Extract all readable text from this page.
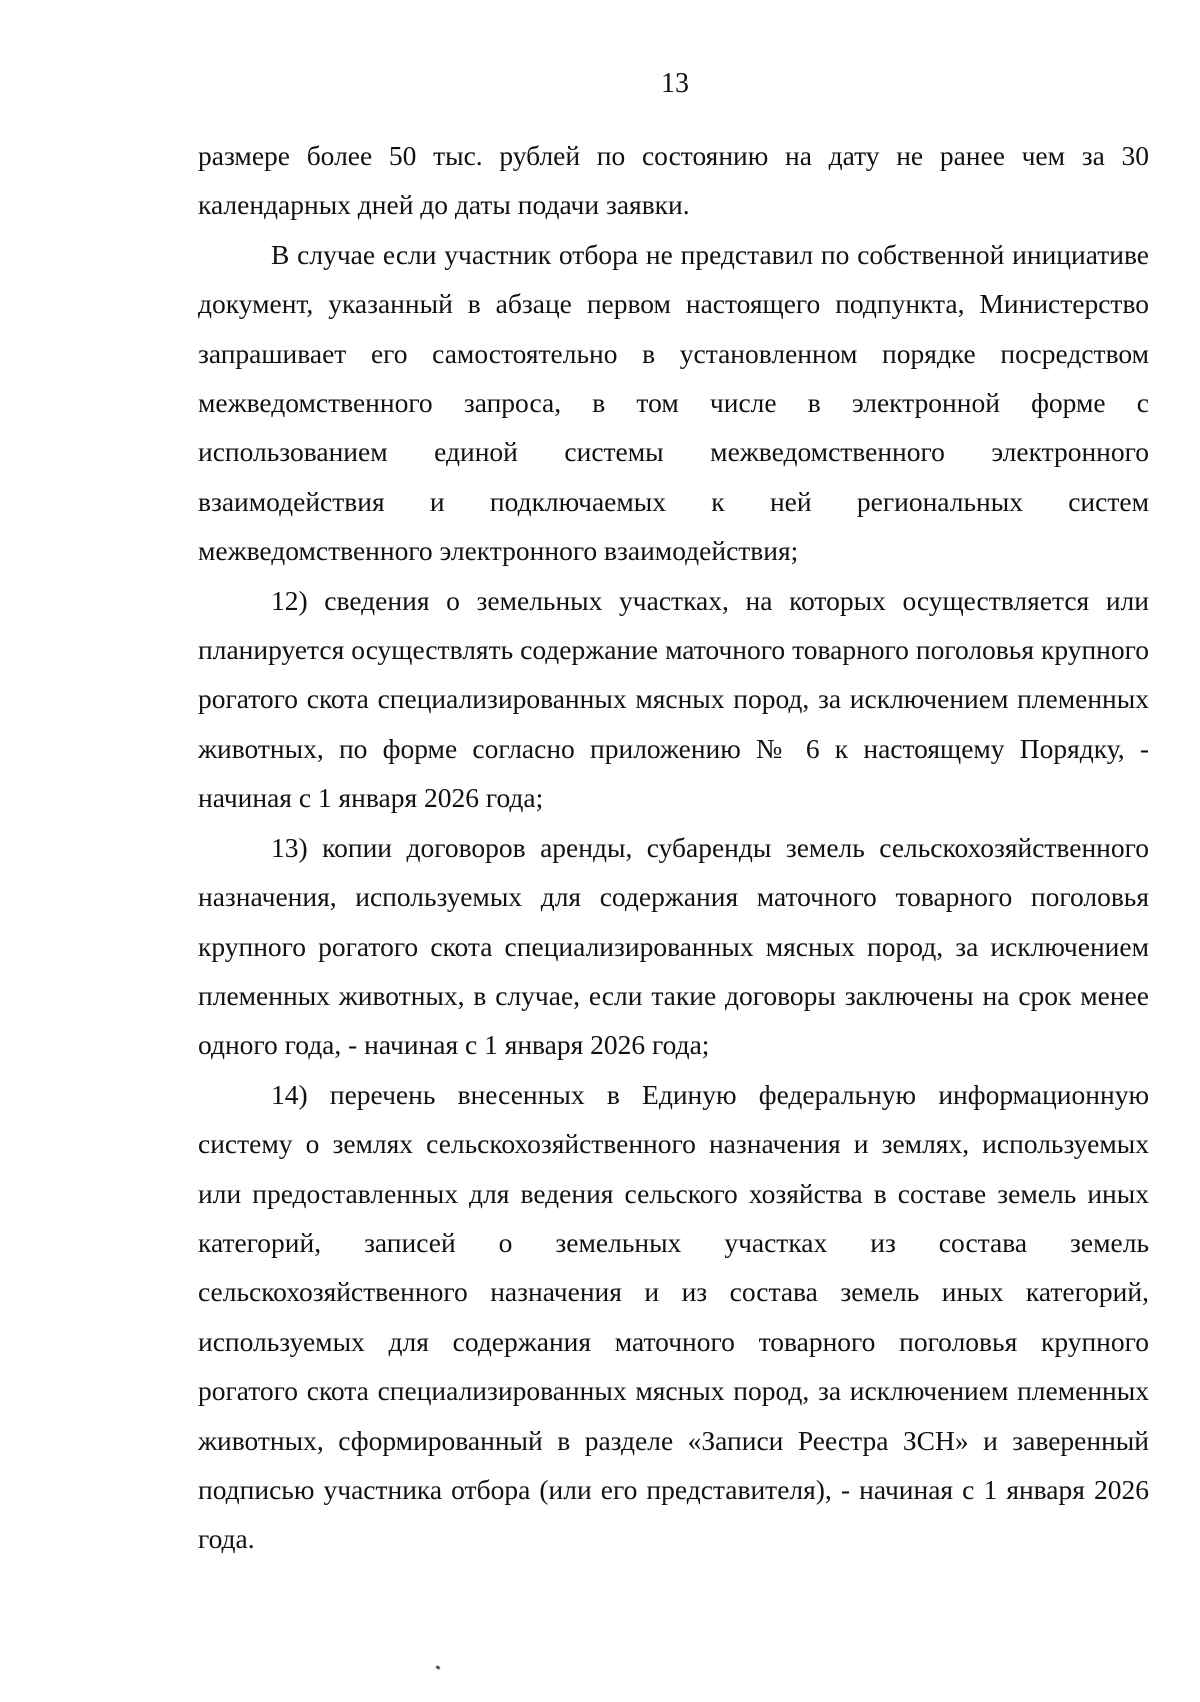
13

размере более 50 тыс. рублей по состоянию на дату не ранее чем за 30 календарных дней до даты подачи заявки.

В случае если участник отбора не представил по собственной инициативе документ, указанный в абзаце первом настоящего подпункта, Министерство запрашивает его самостоятельно в установленном порядке посредством межведомственного запроса, в том числе в электронной форме с использованием единой системы межведомственного электронного взаимодействия и подключаемых к ней региональных систем межведомственного электронного взаимодействия;

12) сведения о земельных участках, на которых осуществляется или планируется осуществлять содержание маточного товарного поголовья крупного рогатого скота специализированных мясных пород, за исключением племенных животных, по форме согласно приложению № 6 к настоящему Порядку, - начиная с 1 января 2026 года;

13) копии договоров аренды, субаренды земель сельскохозяйственного назначения, используемых для содержания маточного товарного поголовья крупного рогатого скота специализированных мясных пород, за исключением племенных животных, в случае, если такие договоры заключены на срок менее одного года, - начиная с 1 января 2026 года;

14) перечень внесенных в Единую федеральную информационную систему о землях сельскохозяйственного назначения и землях, используемых или предоставленных для ведения сельского хозяйства в составе земель иных категорий, записей о земельных участках из состава земель сельскохозяйственного назначения и из состава земель иных категорий, используемых для содержания маточного товарного поголовья крупного рогатого скота специализированных мясных пород, за исключением племенных животных, сформированный в разделе «Записи Реестра ЗСН» и заверенный подписью участника отбора (или его представителя), - начиная с 1 января 2026 года.
